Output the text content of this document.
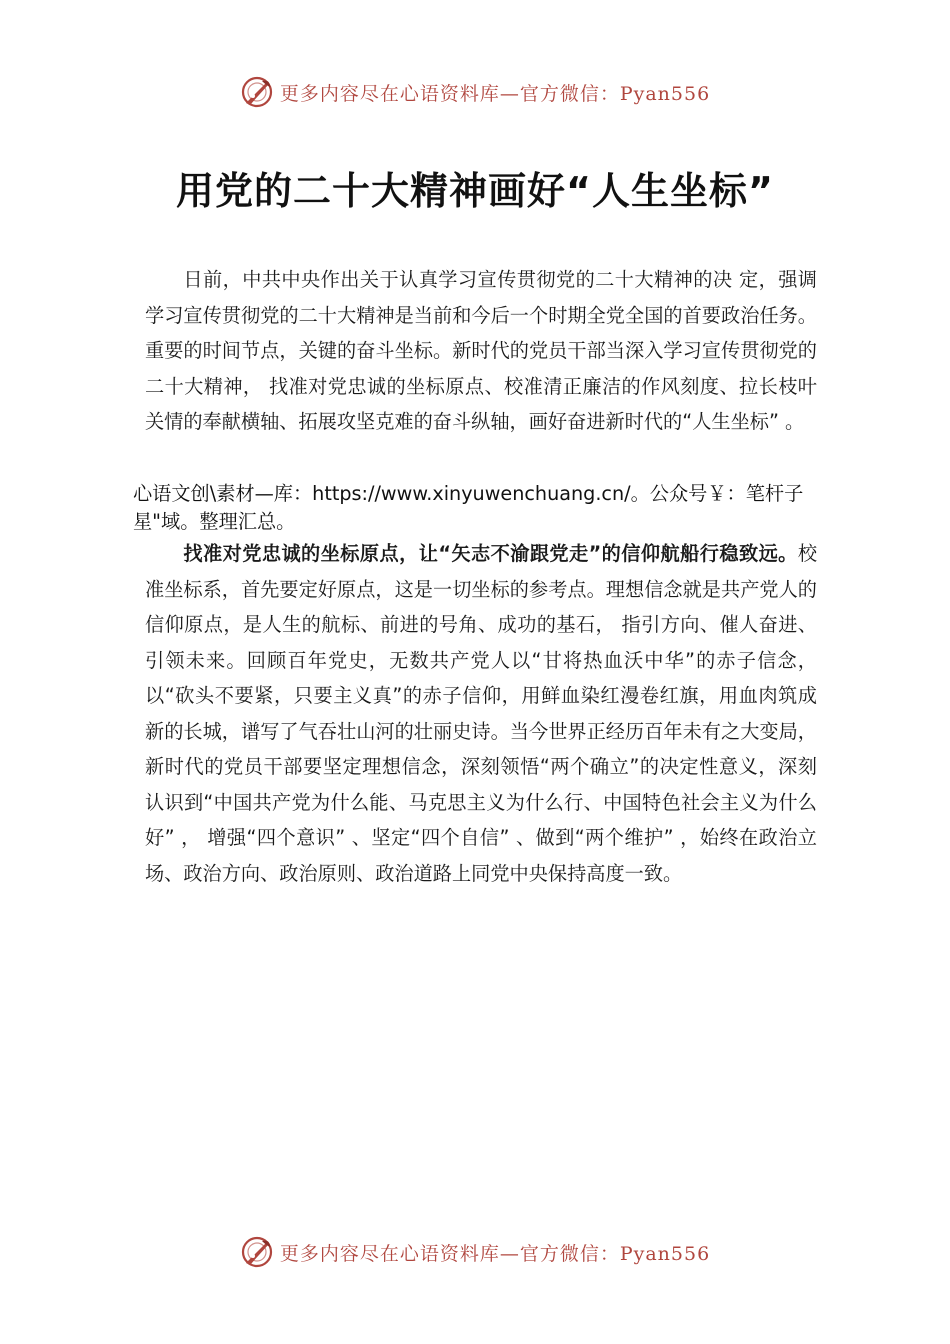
更多内容尽在心语资料库—官方微信：Pyan556
用党的二十大精神画好“人生坐标”
日前，中共中央作出关于认真学习宣传贯彻党的二十大精神的决 定，强调学习宣传贯彻党的二十大精神是当前和今后一个时期全党全国的首要政治任务。 重要的时间节点，关键的奋斗坐标。新时代的党员干部当深入学习宣传贯彻党的二十大精神， 找准对党忠诚的坐标原点、校准清正廉洁的作风刻度、拉长枝叶关情的奉献横轴、拓展攻坚克难的奋斗纵轴，画好奋进新时代的“人生坐标” 。
心语文创\素材—库：https://www.xinyuwenchuang.cn/。公众号￥：笔杆子星"域。整理汇总。
找准对党忠诚的坐标原点，让“矢志不渝跟党走”的信仰航船行稳致远。校准坐标系，首先要定好原点，这是一切坐标的参考点。理想信念就是共产党人的信仰原点，是人生的航标、前进的号角、成功的基石， 指引方向、催人奋进、引领未来。回顾百年党史，无数共产党人以“甘将热血沃中华”的赤子信念，以“砍头不要紧，只要主义真”的赤子信仰，用鲜血染红漫卷红旗，用血肉筑成新的长城，谱写了气吞壮山河的壮丽史诗。当今世界正经历百年未有之大变局，新时代的党员干部要坚定理想信念，深刻领悟“两个确立”的决定性意义，深刻认识到“中国共产党为什么能、马克思主义为什么行、中国特色社会主义为什么好” ， 增强“四个意识” 、坚定“四个自信” 、做到“两个维护” ，始终在政治立场、政治方向、政治原则、政治道路上同党中央保持高度一致。
更多内容尽在心语资料库—官方微信：Pyan556
